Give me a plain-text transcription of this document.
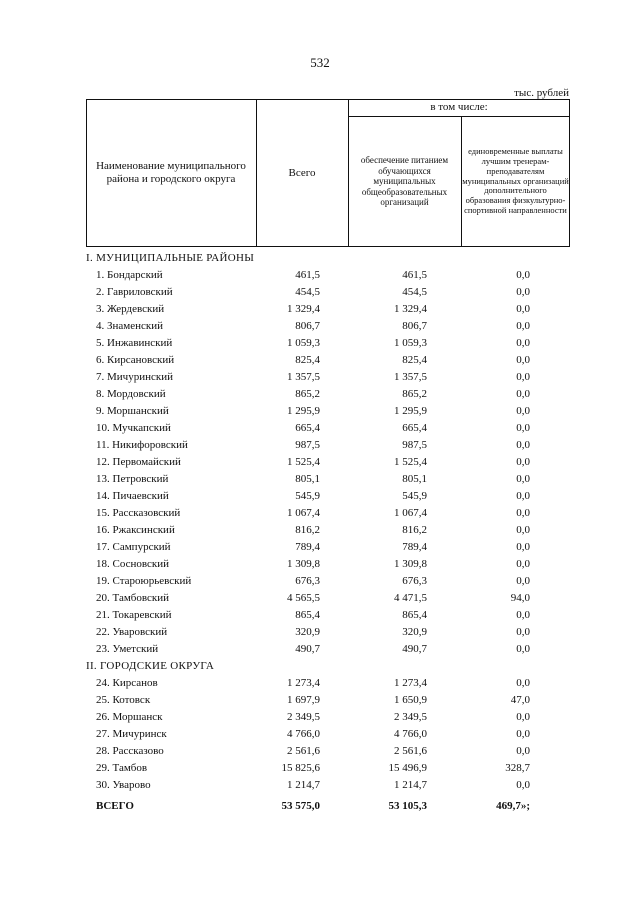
532
тыс. рублей
Наименование муниципального района и городского округа
Всего
в том числе:
обеспечение питанием обучающихся муниципальных общеобразовательных организаций
единовременные выплаты лучшим тренерам-преподавателям муниципальных организаций дополнительного образования физкультурно-спортивной направленности
I. МУНИЦИПАЛЬНЫЕ РАЙОНЫ
1. Бондарский	461,5	461,5	0,0
2. Гавриловский	454,5	454,5	0,0
3. Жердевский	1 329,4	1 329,4	0,0
4. Знаменский	806,7	806,7	0,0
5. Инжавинский	1 059,3	1 059,3	0,0
6. Кирсановский	825,4	825,4	0,0
7. Мичуринский	1 357,5	1 357,5	0,0
8. Мордовский	865,2	865,2	0,0
9. Моршанский	1 295,9	1 295,9	0,0
10. Мучкапский	665,4	665,4	0,0
11. Никифоровский	987,5	987,5	0,0
12. Первомайский	1 525,4	1 525,4	0,0
13. Петровский	805,1	805,1	0,0
14. Пичаевский	545,9	545,9	0,0
15. Рассказовский	1 067,4	1 067,4	0,0
16. Ржаксинский	816,2	816,2	0,0
17. Сампурский	789,4	789,4	0,0
18. Сосновский	1 309,8	1 309,8	0,0
19. Староюрьевский	676,3	676,3	0,0
20. Тамбовский	4 565,5	4 471,5	94,0
21. Токаревский	865,4	865,4	0,0
22. Уваровский	320,9	320,9	0,0
23. Уметский	490,7	490,7	0,0
II. ГОРОДСКИЕ ОКРУГА
24. Кирсанов	1 273,4	1 273,4	0,0
25. Котовск	1 697,9	1 650,9	47,0
26. Моршанск	2 349,5	2 349,5	0,0
27. Мичуринск	4 766,0	4 766,0	0,0
28. Рассказово	2 561,6	2 561,6	0,0
29. Тамбов	15 825,6	15 496,9	328,7
30. Уварово	1 214,7	1 214,7	0,0
ВСЕГО	53 575,0	53 105,3	469,7»;
